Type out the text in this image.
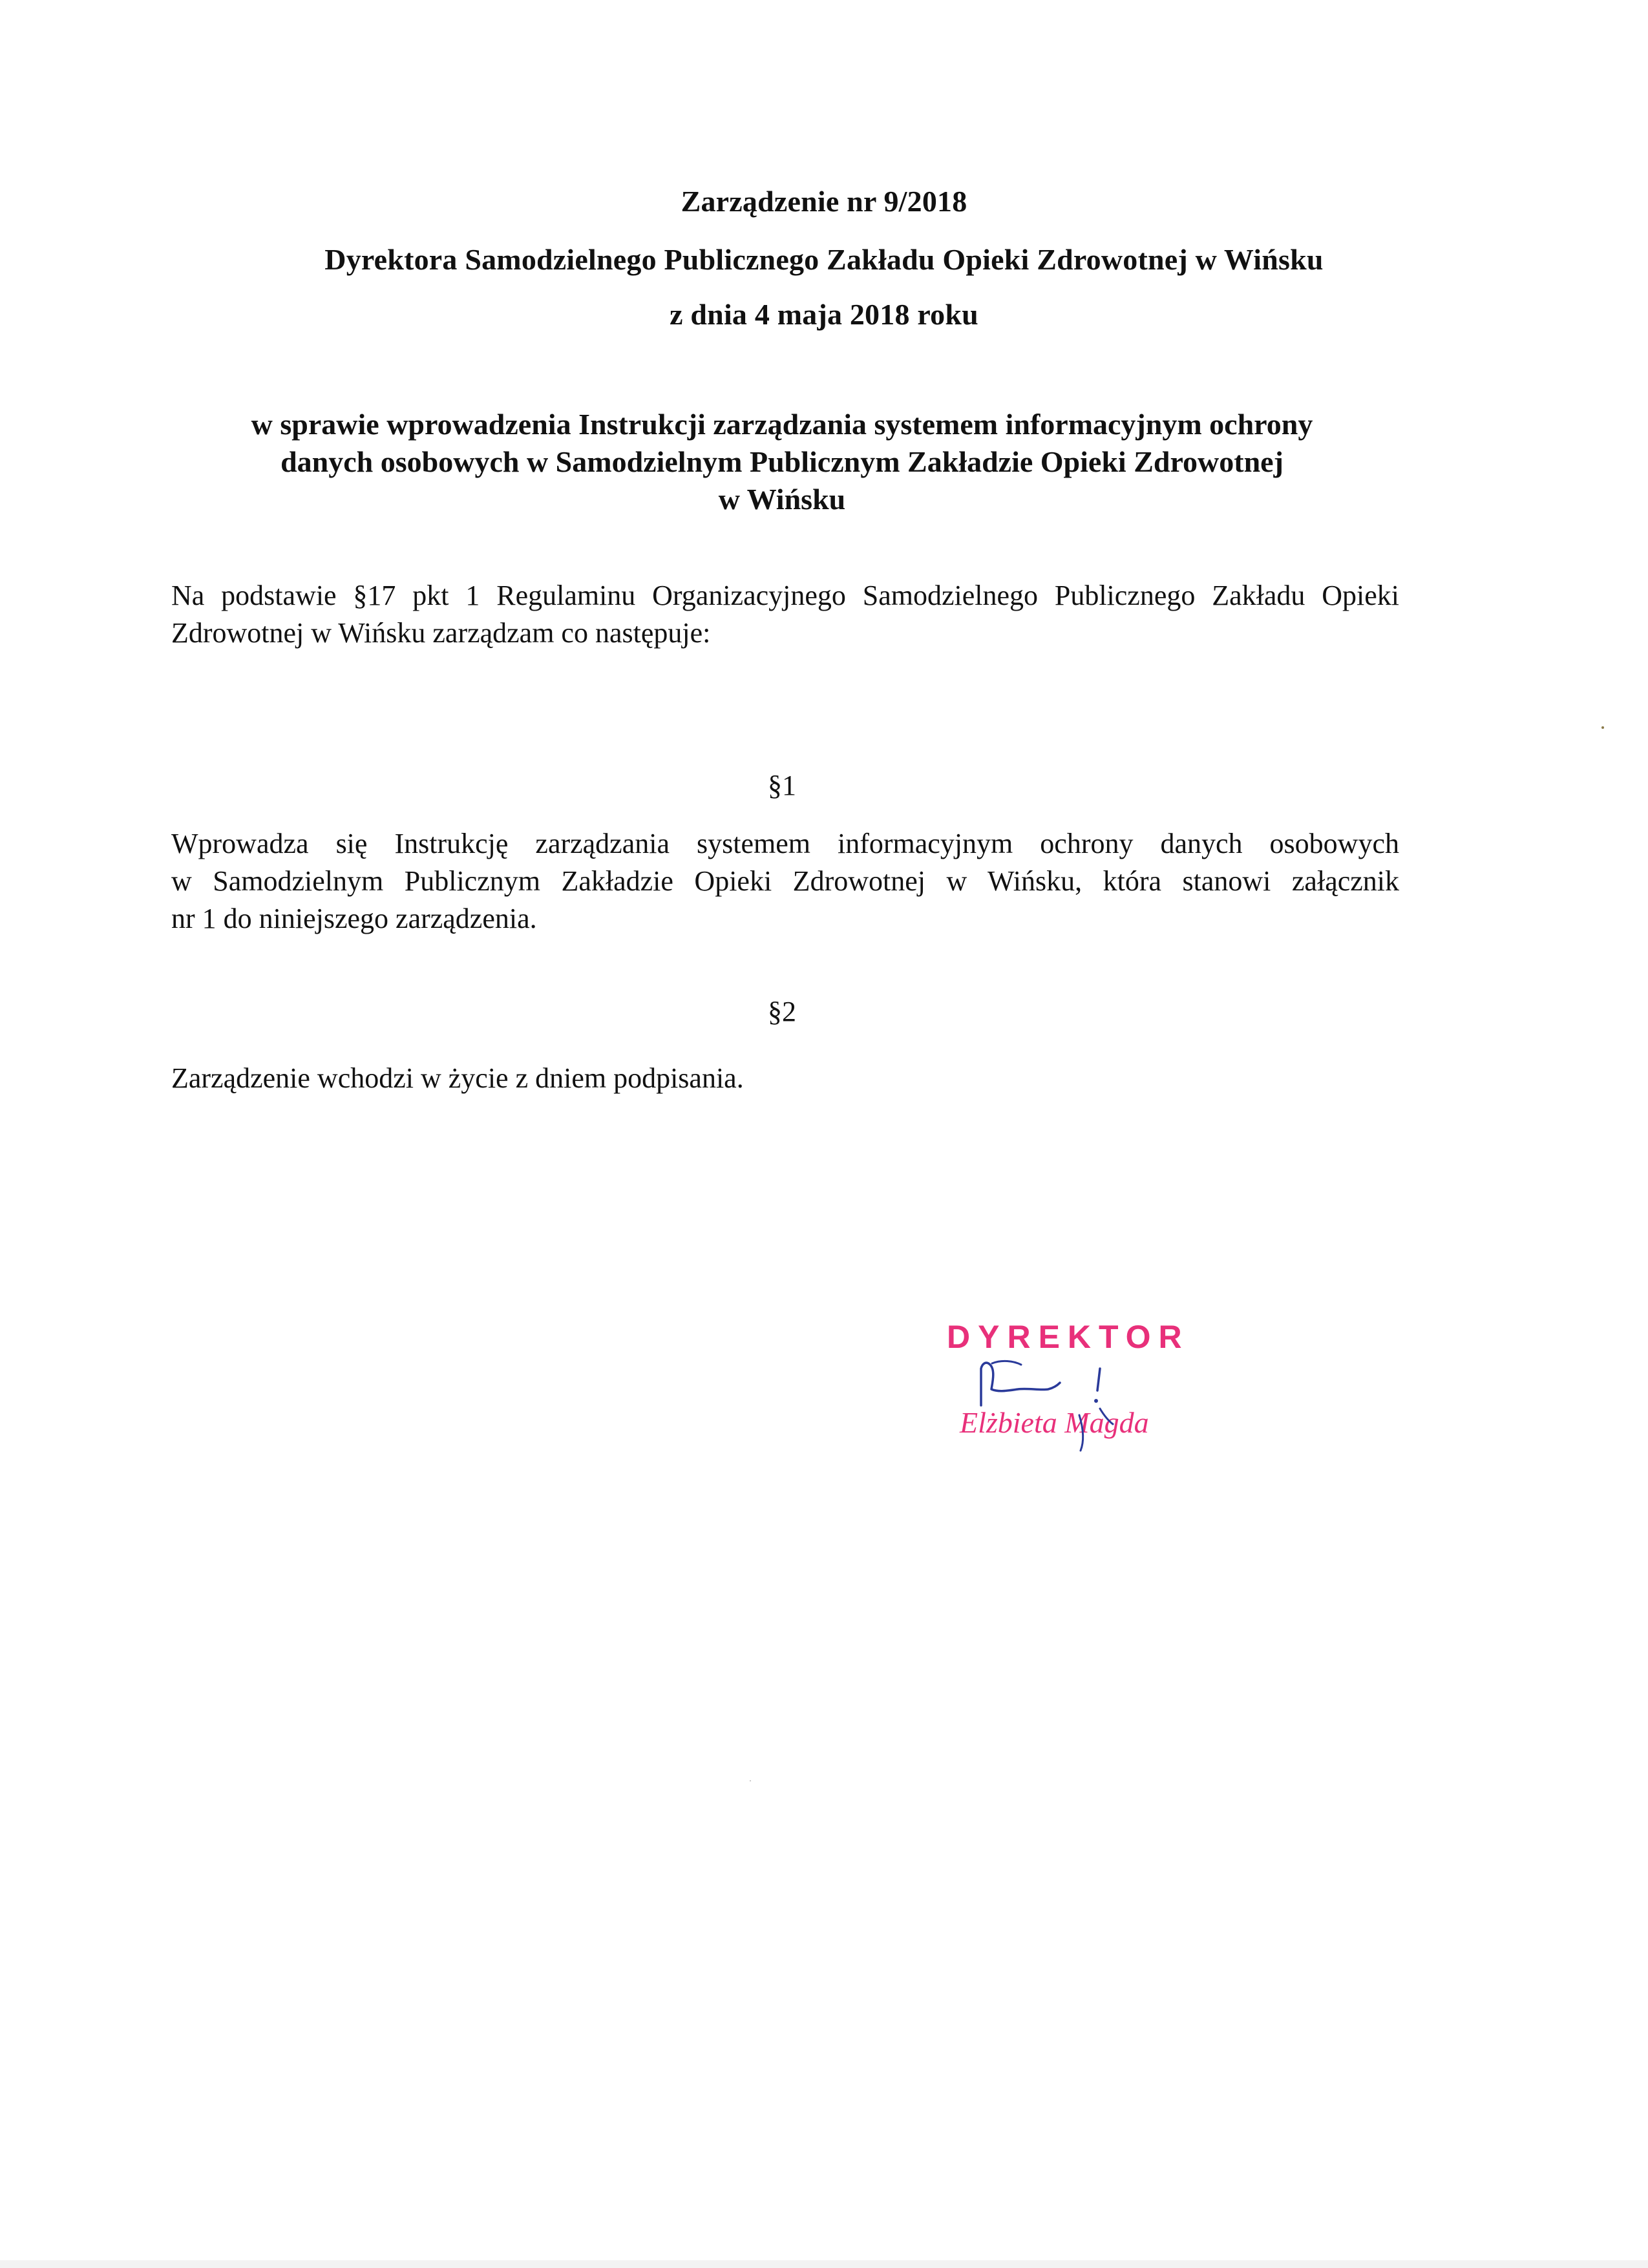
Zarządzenie nr 9/2018
Dyrektora Samodzielnego Publicznego Zakładu Opieki Zdrowotnej w Wińsku
z dnia 4 maja 2018 roku
w sprawie wprowadzenia Instrukcji zarządzania systemem informacyjnym ochrony
danych osobowych w Samodzielnym Publicznym Zakładzie Opieki Zdrowotnej
w Wińsku
Na podstawie §17 pkt 1 Regulaminu Organizacyjnego Samodzielnego Publicznego Zakładu Opieki
Zdrowotnej w Wińsku zarządzam co następuje:
§1
Wprowadza się Instrukcję zarządzania systemem informacyjnym ochrony danych osobowych
w Samodzielnym Publicznym Zakładzie Opieki Zdrowotnej w Wińsku, która stanowi załącznik
nr 1 do niniejszego zarządzenia.
§2
Zarządzenie wchodzi w życie z dniem podpisania.
DYREKTOR
Elżbieta Magda
